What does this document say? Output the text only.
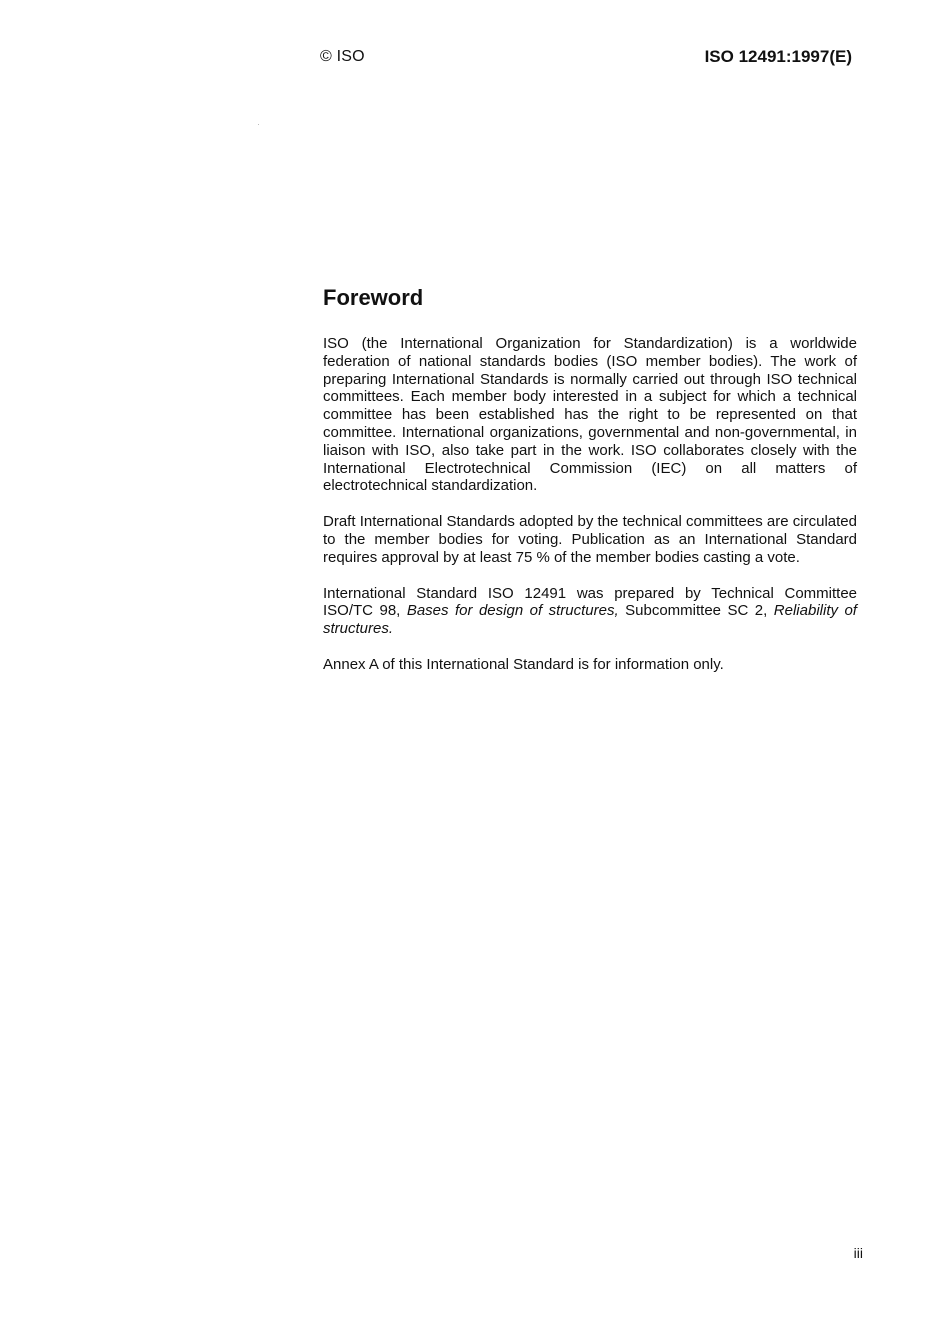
© ISO	ISO 12491:1997(E)
Foreword

ISO (the International Organization for Standardization) is a worldwide federation of national standards bodies (ISO member bodies). The work of preparing International Standards is normally carried out through ISO technical committees. Each member body interested in a subject for which a technical committee has been established has the right to be represented on that committee. International organizations, governmental and non-governmental, in liaison with ISO, also take part in the work. ISO collaborates closely with the International Electrotechnical Commission (IEC) on all matters of electrotechnical standardization.

Draft International Standards adopted by the technical committees are circulated to the member bodies for voting. Publication as an International Standard requires approval by at least 75 % of the member bodies casting a vote.

International Standard ISO 12491 was prepared by Technical Committee ISO/TC 98, Bases for design of structures, Subcommittee SC 2, Reliability of structures.

Annex A of this International Standard is for information only.

iii
